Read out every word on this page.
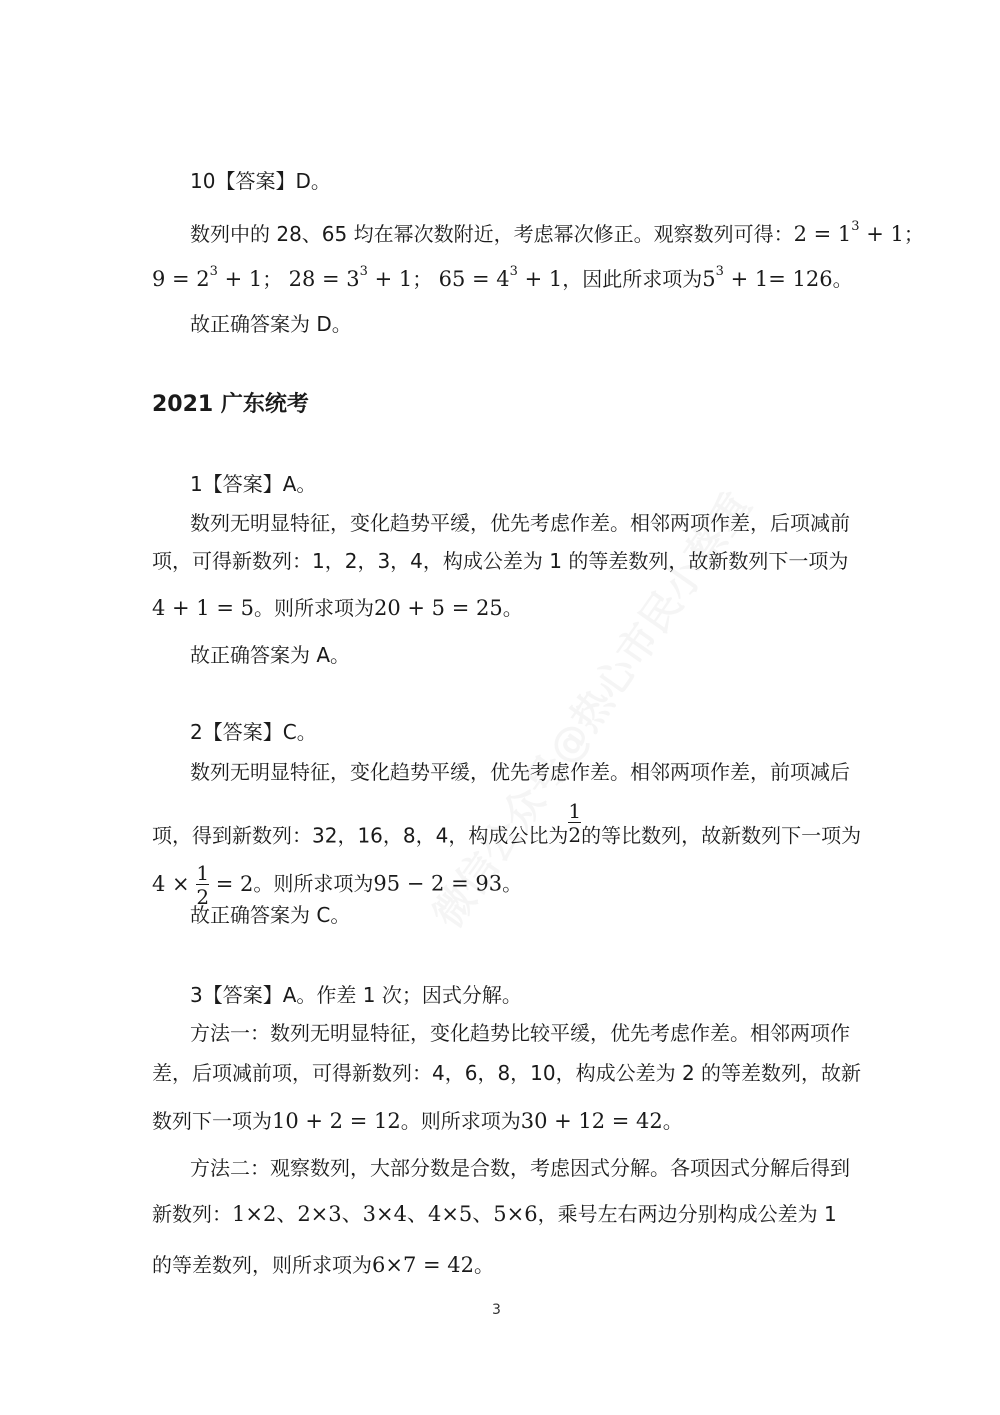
10【答案】D。
数列中的 28、65 均在幂次数附近，考虑幂次修正。观察数列可得：$2 = 1^3 + 1$；
$9 = 2^3 + 1$； $28 = 3^3 + 1$； $65 = 4^3 + 1$，因此所求项为$5^3 + 1= 126$。
故正确答案为 D。
2021 广东统考
1【答案】A。
数列无明显特征，变化趋势平缓，优先考虑作差。相邻两项作差，后项减前
项，可得新数列：1，2，3，4，构成公差为 1 的等差数列，故新数列下一项为
4 + 1 = 5。则所求项为20 + 5 = 25。
故正确答案为 A。
2【答案】C。
数列无明显特征，变化趋势平缓，优先考虑作差。相邻两项作差，前项减后
项，得到新数列：32，16，8，4，构成公比为 $\frac{1}{2}$ 的等比数列，故新数列下一项为
$4 \times \frac{1}{2} = 2$。则所求项为95 − 2 = 93。
故正确答案为 C。
3【答案】A。作差 1 次；因式分解。
方法一：数列无明显特征，变化趋势比较平缓，优先考虑作差。相邻两项作
差，后项减前项，可得新数列：4，6，8，10，构成公差为 2 的等差数列，故新
数列下一项为10 + 2 = 12。则所求项为30 + 12 = 42。
方法二：观察数列，大部分数是合数，考虑因式分解。各项因式分解后得到
新数列：1×2、2×3、3×4、4×5、5×6，乘号左右两边分别构成公差为 1
的等差数列，则所求项为6×7 = 42。
3
